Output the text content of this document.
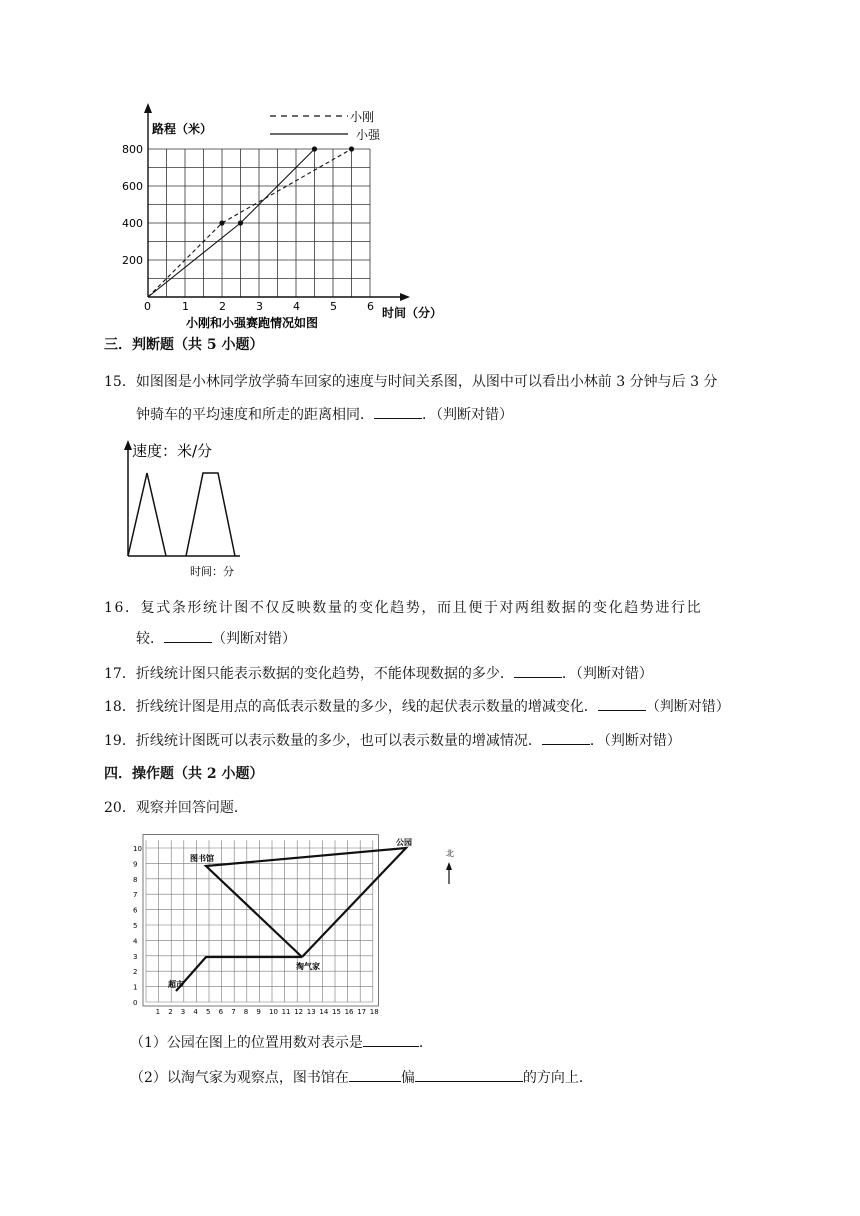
0	1	2	3	4	5	6
200
400
600
800
路程（米）
时间（分）
小刚和小强赛跑情况如图
小刚
小强
三．判断题（共 5 小题）
15．如图图是小林同学放学骑车回家的速度与时间关系图，从图中可以看出小林前 3 分钟与后 3 分
钟骑车的平均速度和所走的距离相同．	．（判断对错）
速度：米/分
时间：分
16．复式条形统计图不仅反映数量的变化趋势，而且便于对两组数据的变化趋势进行比
较．	（判断对错）
17．折线统计图只能表示数据的变化趋势，不能体现数据的多少．	．（判断对错）
18．折线统计图是用点的高低表示数量的多少，线的起伏表示数量的增减变化．	（判断对错）
19．折线统计图既可以表示数量的多少，也可以表示数量的增减情况．	．（判断对错）
四．操作题（共 2 小题）
20．观察并回答问题．
1 2 3 4 5 6 7 8 9 10 11 12 13 14 15 16 17 18
0
1
2
3
4
5
6
7
8
9
10
超市
图书馆
公园
淘气家
北
（1）公园在图上的位置用数对表示是	．
（2）以淘气家为观察点，图书馆在	偏	的方向上．
